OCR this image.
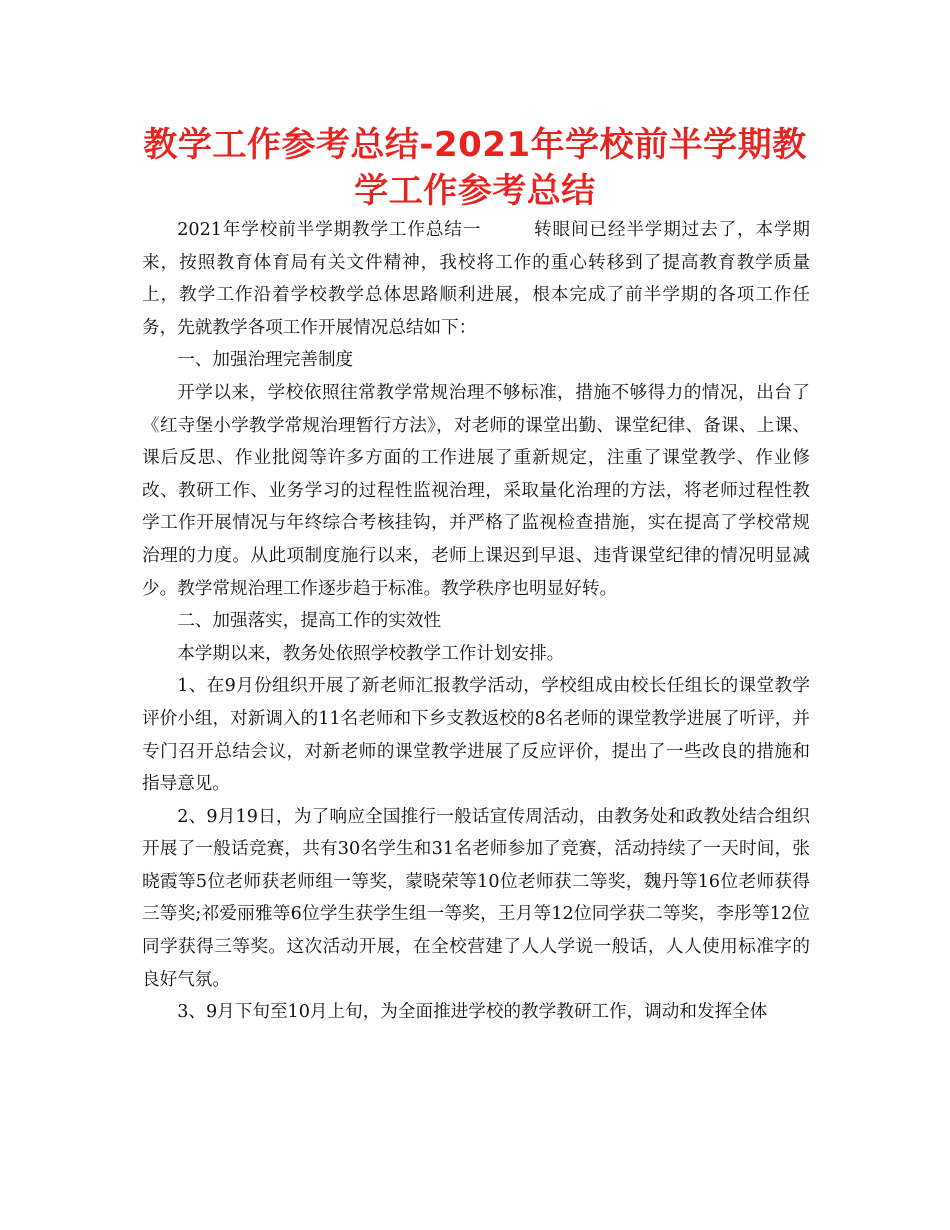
教学工作参考总结-2021年学校前半学期教学工作参考总结

2021年学校前半学期教学工作总结一	转眼间已经半学期过去了，本学期来，按照教育体育局有关文件精神，我校将工作的重心转移到了提高教育教学质量上，教学工作沿着学校教学总体思路顺利进展，根本完成了前半学期的各项工作任务，先就教学各项工作开展情况总结如下：

一、加强治理完善制度

开学以来，学校依照往常教学常规治理不够标准，措施不够得力的情况，出台了《红寺堡小学教学常规治理暂行方法》，对老师的课堂出勤、课堂纪律、备课、上课、课后反思、作业批阅等许多方面的工作进展了重新规定，注重了课堂教学、作业修改、教研工作、业务学习的过程性监视治理，采取量化治理的方法，将老师过程性教学工作开展情况与年终综合考核挂钩，并严格了监视检查措施，实在提高了学校常规治理的力度。从此项制度施行以来，老师上课迟到早退、违背课堂纪律的情况明显减少。教学常规治理工作逐步趋于标准。教学秩序也明显好转。

二、加强落实，提高工作的实效性

本学期以来，教务处依照学校教学工作计划安排。

1、在9月份组织开展了新老师汇报教学活动，学校组成由校长任组长的课堂教学评价小组，对新调入的11名老师和下乡支教返校的8名老师的课堂教学进展了听评，并专门召开总结会议，对新老师的课堂教学进展了反应评价，提出了一些改良的措施和指导意见。

2、9月19日，为了响应全国推行一般话宣传周活动，由教务处和政教处结合组织开展了一般话竞赛，共有30名学生和31名老师参加了竞赛，活动持续了一天时间，张晓霞等5位老师获老师组一等奖，蒙晓荣等10位老师获二等奖，魏丹等16位老师获得三等奖;祁爱丽雅等6位学生获学生组一等奖，王月等12位同学获二等奖，李彤等12位同学获得三等奖。这次活动开展，在全校营建了人人学说一般话，人人使用标准字的良好气氛。

3、9月下旬至10月上旬，为全面推进学校的教学教研工作，调动和发挥全体
